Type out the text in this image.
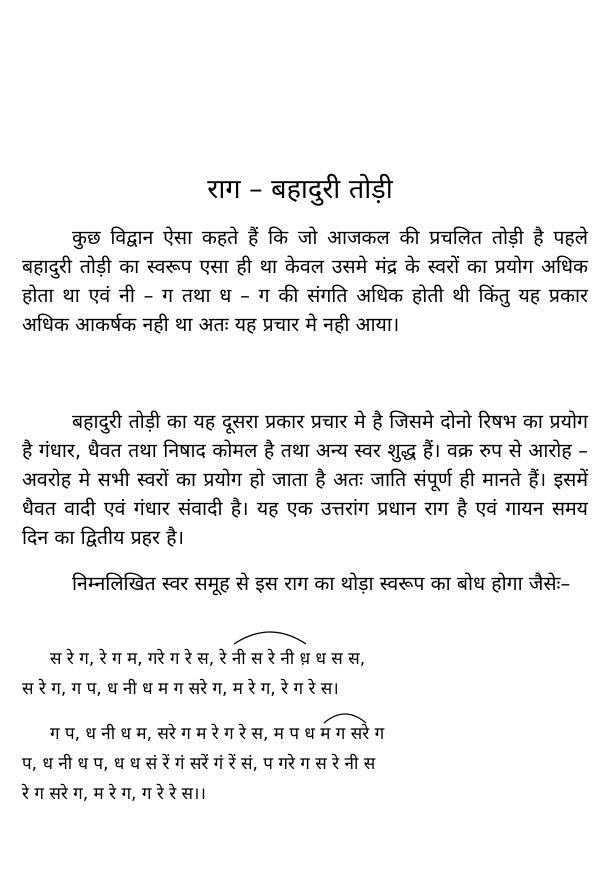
राग – बहादुरी तोड़ी
कुछ विद्वान ऐसा कहते हैं कि जो आजकल की प्रचलित तोड़ी है पहले बहादुरी तोड़ी का स्वरूप एसा ही था केवल उसमे मंद्र के स्वरों का प्रयोग अधिक होता था एवं नी – ग तथा ध – ग की संगति अधिक होती थी किंतु यह प्रकार अधिक आकर्षक नही था अतः यह प्रचार मे नही आया।
बहादुरी तोड़ी का यह दूसरा प्रकार प्रचार मे है जिसमे दोनो रिषभ का प्रयोग है गंधार, धैवत तथा निषाद कोमल है तथा अन्य स्वर शुद्ध हैं। वक्र रुप से आरोह – अवरोह मे सभी स्वरों का प्रयोग हो जाता है अतः जाति संपूर्ण ही मानते हैं। इसमें धैवत वादी एवं गंधार संवादी है। यह एक उत्तरांग प्रधान राग है एवं गायन समय दिन का द्वितीय प्रहर है।
निम्नलिखित स्वर समूह से इस राग का थोड़ा स्वरूप का बोध होगा जैसेः–
स रे ग, रे ग म, गरे ग रे स, रे नी स रे नी ध़ ध स स,
स रे ग, ग प, ध नी ध म ग सरे ग, म रे ग, रे ग रे स।
ग प, ध नी ध म, सरे ग म रे ग रे स, म प ध म ग सरे ग
प, ध नी ध प, ध ध सं रें गं सरें गं रें सं, प गरे ग स रे नी स
रे ग सरे ग, म रे ग, ग रे रे स।।
